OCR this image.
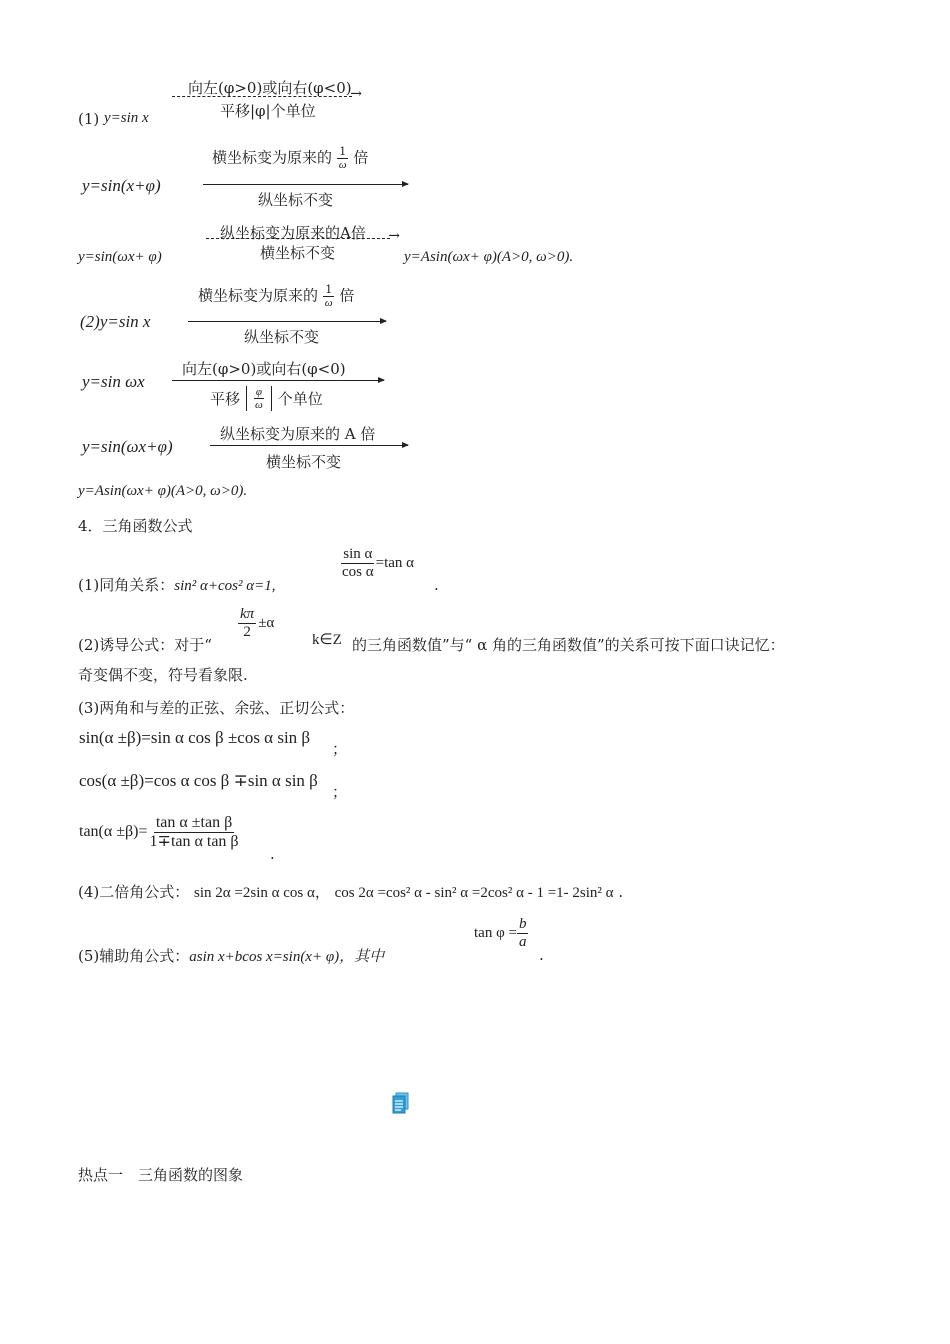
向左(φ>0)或向右(φ<0)
→
平移|φ|个单位
(1) y=sin x
横坐标变为原来的 $\frac{1}{\omega}$ 倍
y=sin(x+φ)
纵坐标不变
纵坐标变为原来的A倍
→
横坐标不变
y=sin(ωx+ φ)	y=Asin(ωx+ φ)(A>0, ω>0).
横坐标变为原来的 $\frac{1}{\omega}$ 倍
(2)y=sin x
纵坐标不变
向左(φ>0)或向右(φ<0)
y=sin ωx
平移 $\frac{\varphi}{\omega}$ 个单位
纵坐标变为原来的 A 倍
y=sin(ωx+φ)
横坐标不变
y=Asin(ωx+ φ)(A>0, ω>0).
4．三角函数公式
$\frac{\text{sin α}}{\text{cos α}} =\tan$ α
(1)同角关系：sin² α+cos² α=1,	.
$\frac{k\pi}{2} \pm\alpha$
(2)诱导公式：对于“	k∈Z 的三角函数值”与“ α 角的三角函数值”的关系可按下面口诀记忆：
奇变偶不变，符号看象限.
(3)两角和与差的正弦、余弦、正切公式：
sin(α ±β)=sin α cos β ±cos α sin β
；
cos(α ±β)=cos α cos β ∓sin α sin β
；
$\tan(\alpha \pm\beta)= \frac{\text{tan α ±tan β}}{\text{1∓tan α tan β}}$
.
(4)二倍角公式： sin 2α =2sin α cos α， cos 2α =cos² α - sin² α =2cos² α - 1 =1- 2sin² α .
$\tan \varphi = \frac{b}{a}$
(5)辅助角公式：asin x+bcos x=sin(x+ φ)，其中	.
热点一　三角函数的图象
